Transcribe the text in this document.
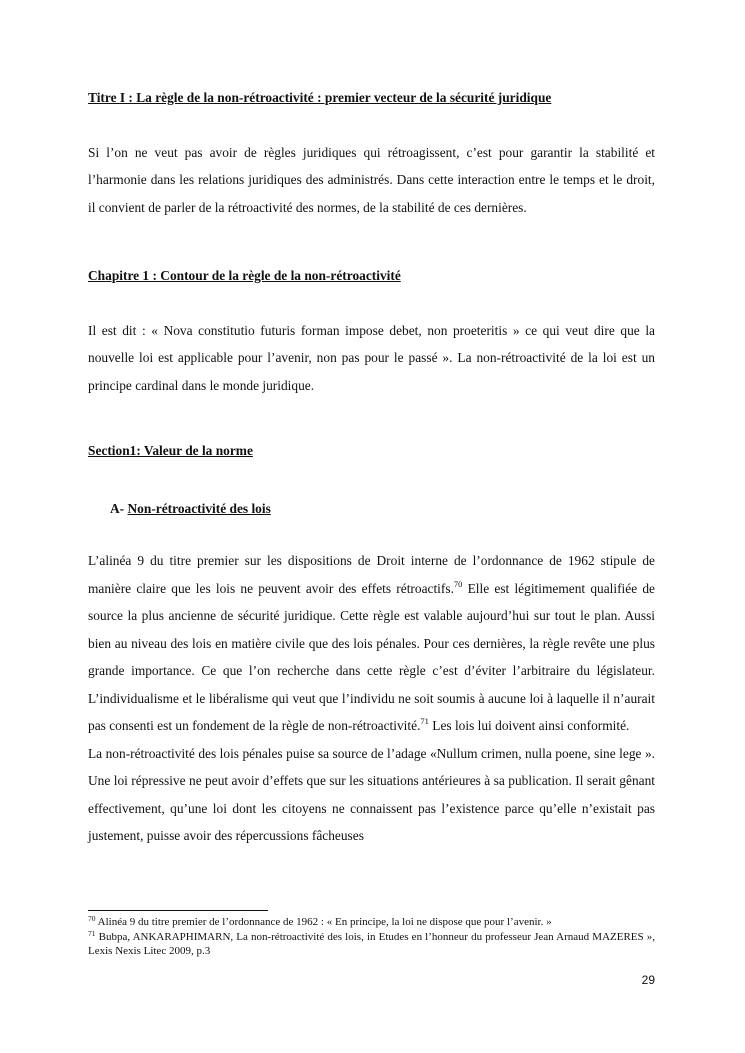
Titre I : La règle de la non-rétroactivité : premier vecteur de la sécurité juridique

Si l’on ne veut pas avoir de règles juridiques qui rétroagissent, c’est pour garantir la stabilité et l’harmonie dans les relations juridiques des administrés. Dans cette interaction entre le temps et le droit, il convient de parler de la rétroactivité des normes, de la stabilité de ces dernières.

Chapitre 1 : Contour de la règle de la non-rétroactivité

Il est dit : « Nova constitutio futuris forman impose debet, non proeteritis » ce qui veut dire que la nouvelle loi est applicable pour l’avenir, non pas pour le passé ». La non-rétroactivité de la loi est un principe cardinal dans le monde juridique.

Section1: Valeur de la norme

A- Non-rétroactivité des lois

L’alinéa 9 du titre premier sur les dispositions de Droit interne de l’ordonnance de 1962 stipule de manière claire que les lois ne peuvent avoir des effets rétroactifs.$^{70}$ Elle est légitimement qualifiée de source la plus ancienne de sécurité juridique. Cette règle est valable aujourd’hui sur tout le plan. Aussi bien au niveau des lois en matière civile que des lois pénales. Pour ces dernières, la règle revête une plus grande importance. Ce que l’on recherche dans cette règle c’est d’éviter l’arbitraire du législateur. L’individualisme et le libéralisme qui veut que l’individu ne soit soumis à aucune loi à laquelle il n’aurait pas consenti est un fondement de la règle de non-rétroactivité.$^{71}$ Les lois lui doivent ainsi conformité.

La non-rétroactivité des lois pénales puise sa source de l’adage «Nullum crimen, nulla poene, sine lege ». Une loi répressive ne peut avoir d’effets que sur les situations antérieures à sa publication. Il serait gênant effectivement, qu’une loi dont les citoyens ne connaissent pas l’existence parce qu’elle n’existait pas justement, puisse avoir des répercussions fâcheuses

$^{70}$ Alinéa 9 du titre premier de l’ordonnance de 1962 : « En principe, la loi ne dispose que pour l’avenir. »

$^{71}$ Bubpa, ANKARAPHIMARN, La non-rétroactivité des lois, in Etudes en l’honneur du professeur Jean Arnaud MAZERES », Lexis Nexis Litec 2009, p.3

29
